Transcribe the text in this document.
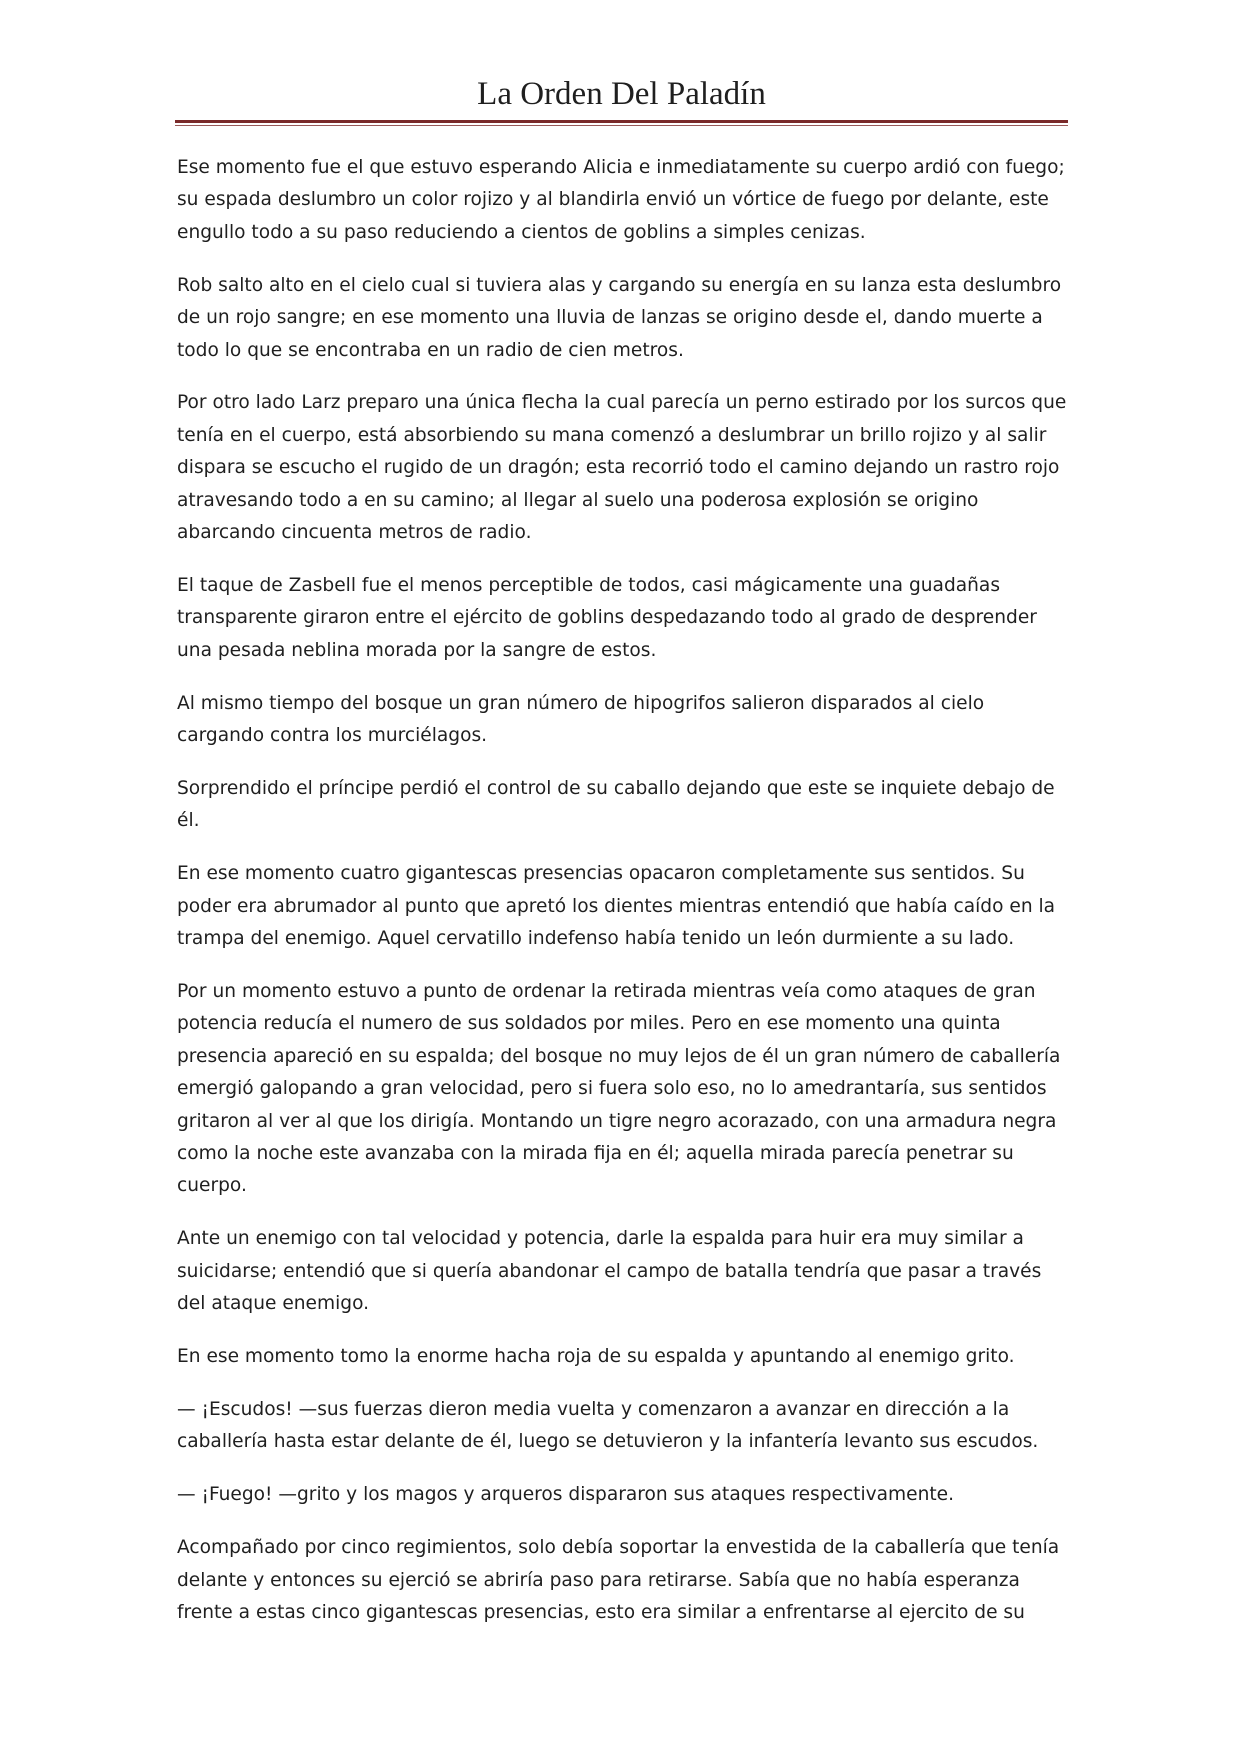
La Orden Del Paladín

Ese momento fue el que estuvo esperando Alicia e inmediatamente su cuerpo ardió con fuego; su espada deslumbro un color rojizo y al blandirla envió un vórtice de fuego por delante, este engullo todo a su paso reduciendo a cientos de goblins a simples cenizas.

Rob salto alto en el cielo cual si tuviera alas y cargando su energía en su lanza esta deslumbro de un rojo sangre; en ese momento una lluvia de lanzas se origino desde el, dando muerte a todo lo que se encontraba en un radio de cien metros.

Por otro lado Larz preparo una única flecha la cual parecía un perno estirado por los surcos que tenía en el cuerpo, está absorbiendo su mana comenzó a deslumbrar un brillo rojizo y al salir dispara se escucho el rugido de un dragón; esta recorrió todo el camino dejando un rastro rojo atravesando todo a en su camino; al llegar al suelo una poderosa explosión se origino abarcando cincuenta metros de radio.

El taque de Zasbell fue el menos perceptible de todos, casi mágicamente una guadañas transparente giraron entre el ejército de goblins despedazando todo al grado de desprender una pesada neblina morada por la sangre de estos.

Al mismo tiempo del bosque un gran número de hipogrifos salieron disparados al cielo cargando contra los murciélagos.

Sorprendido el príncipe perdió el control de su caballo dejando que este se inquiete debajo de él.

En ese momento cuatro gigantescas presencias opacaron completamente sus sentidos. Su poder era abrumador al punto que apretó los dientes mientras entendió que había caído en la trampa del enemigo. Aquel cervatillo indefenso había tenido un león durmiente a su lado.

Por un momento estuvo a punto de ordenar la retirada mientras veía como ataques de gran potencia reducía el numero de sus soldados por miles. Pero en ese momento una quinta presencia apareció en su espalda; del bosque no muy lejos de él un gran número de caballería emergió galopando a gran velocidad, pero si fuera solo eso, no lo amedrantaría, sus sentidos gritaron al ver al que los dirigía. Montando un tigre negro acorazado, con una armadura negra como la noche este avanzaba con la mirada fija en él; aquella mirada parecía penetrar su cuerpo.

Ante un enemigo con tal velocidad y potencia, darle la espalda para huir era muy similar a suicidarse; entendió que si quería abandonar el campo de batalla tendría que pasar a través del ataque enemigo.

En ese momento tomo la enorme hacha roja de su espalda y apuntando al enemigo grito.

— ¡Escudos! —sus fuerzas dieron media vuelta y comenzaron a avanzar en dirección a la caballería hasta estar delante de él, luego se detuvieron y la infantería levanto sus escudos.

— ¡Fuego! —grito y los magos y arqueros dispararon sus ataques respectivamente.

Acompañado por cinco regimientos, solo debía soportar la envestida de la caballería que tenía delante y entonces su ejerció se abriría paso para retirarse. Sabía que no había esperanza frente a estas cinco gigantescas presencias, esto era similar a enfrentarse al ejercito de su
